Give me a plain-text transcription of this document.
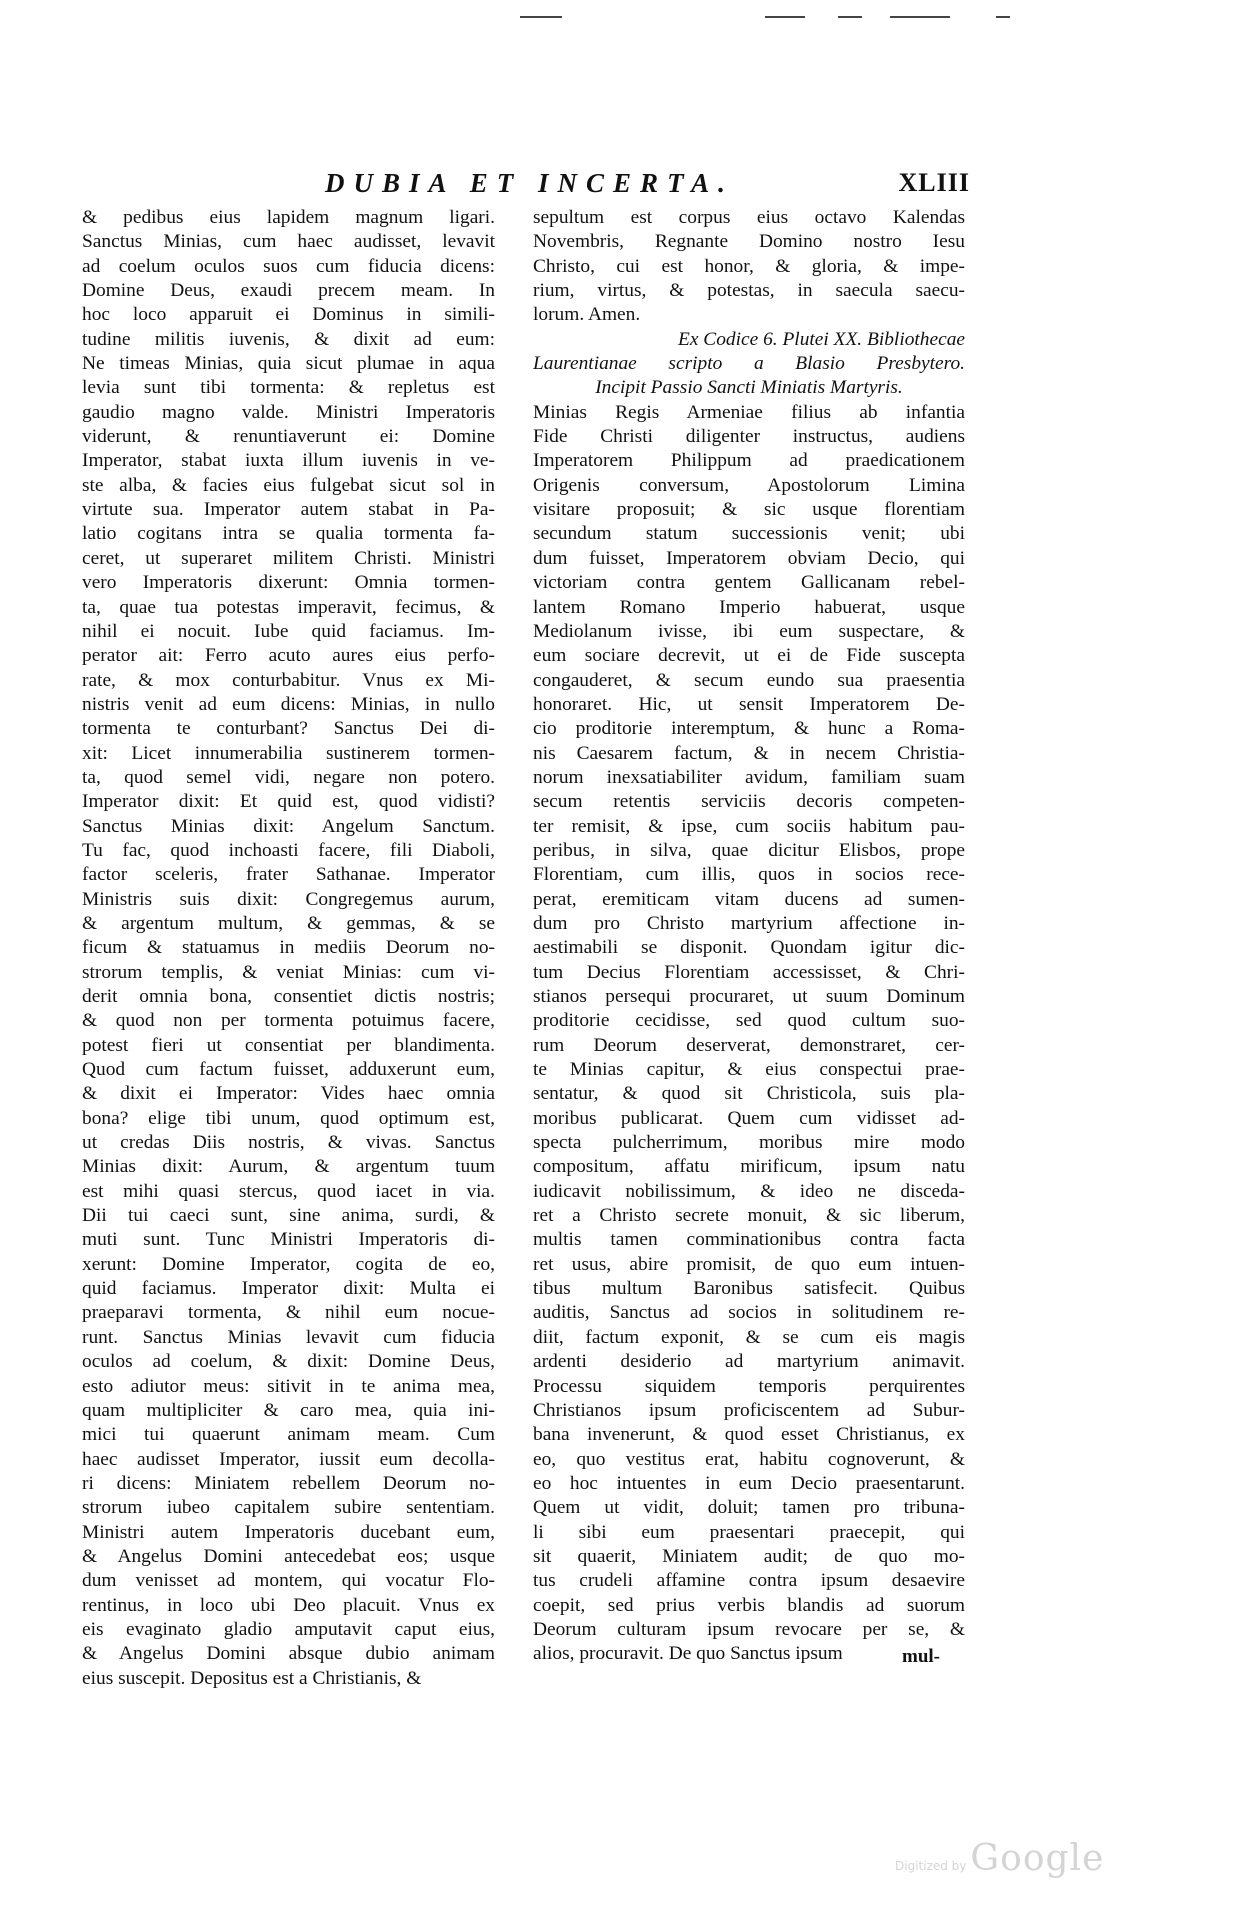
DUBIA ET INCERTA.	XLIII
& pedibus eius lapidem magnum ligari.
Sanctus Minias, cum haec audisset, levavit
ad coelum oculos suos cum fiducia dicens:
Domine Deus, exaudi precem meam. In
hoc loco apparuit ei Dominus in simili-
tudine militis iuvenis, & dixit ad eum:
Ne timeas Minias, quia sicut plumae in aqua
levia sunt tibi tormenta: & repletus est
gaudio magno valde. Ministri Imperatoris
viderunt, & renuntiaverunt ei: Domine
Imperator, stabat iuxta illum iuvenis in ve-
ste alba, & facies eius fulgebat sicut sol in
virtute sua. Imperator autem stabat in Pa-
latio cogitans intra se qualia tormenta fa-
ceret, ut superaret militem Christi. Ministri
vero Imperatoris dixerunt: Omnia tormen-
ta, quae tua potestas imperavit, fecimus, &
nihil ei nocuit. Iube quid faciamus. Im-
perator ait: Ferro acuto aures eius perfo-
rate, & mox conturbabitur. Vnus ex Mi-
nistris venit ad eum dicens: Minias, in nullo
tormenta te conturbant? Sanctus Dei di-
xit: Licet innumerabilia sustinerem tormen-
ta, quod semel vidi, negare non potero.
Imperator dixit: Et quid est, quod vidisti?
Sanctus Minias dixit: Angelum Sanctum.
Tu fac, quod inchoasti facere, fili Diaboli,
factor sceleris, frater Sathanae. Imperator
Ministris suis dixit: Congregemus aurum,
& argentum multum, & gemmas, & se
ficum & statuamus in mediis Deorum no-
strorum templis, & veniat Minias: cum vi-
derit omnia bona, consentiet dictis nostris;
& quod non per tormenta potuimus facere,
potest fieri ut consentiat per blandimenta.
Quod cum factum fuisset, adduxerunt eum,
& dixit ei Imperator: Vides haec omnia
bona? elige tibi unum, quod optimum est,
ut credas Diis nostris, & vivas. Sanctus
Minias dixit: Aurum, & argentum tuum
est mihi quasi stercus, quod iacet in via.
Dii tui caeci sunt, sine anima, surdi, &
muti sunt. Tunc Ministri Imperatoris di-
xerunt: Domine Imperator, cogita de eo,
quid faciamus. Imperator dixit: Multa ei
praeparavi tormenta, & nihil eum nocue-
runt. Sanctus Minias levavit cum fiducia
oculos ad coelum, & dixit: Domine Deus,
esto adiutor meus: sitivit in te anima mea,
quam multipliciter & caro mea, quia ini-
mici tui quaerunt animam meam. Cum
haec audisset Imperator, iussit eum decolla-
ri dicens: Miniatem rebellem Deorum no-
strorum iubeo capitalem subire sententiam.
Ministri autem Imperatoris ducebant eum,
& Angelus Domini antecedebat eos; usque
dum venisset ad montem, qui vocatur Flo-
rentinus, in loco ubi Deo placuit. Vnus ex
eis evaginato gladio amputavit caput eius,
& Angelus Domini absque dubio animam
eius suscepit. Depositus est a Christianis, &
sepultum est corpus eius octavo Kalendas
Novembris, Regnante Domino nostro Iesu
Christo, cui est honor, & gloria, & impe-
rium, virtus, & potestas, in saecula saecu-
lorum. Amen.
Ex Codice 6. Plutei XX. Bibliothecae
Laurentianae scripto a Blasio Presbytero.
Incipit Passio Sancti Miniatis Martyris.
Minias Regis Armeniae filius ab infantia
Fide Christi diligenter instructus, audiens
Imperatorem Philippum ad praedicationem
Origenis conversum, Apostolorum Limina
visitare proposuit; & sic usque florentiam
secundum statum successionis venit; ubi
dum fuisset, Imperatorem obviam Decio, qui
victoriam contra gentem Gallicanam rebel-
lantem Romano Imperio habuerat, usque
Mediolanum ivisse, ibi eum suspectare, &
eum sociare decrevit, ut ei de Fide suscepta
congauderet, & secum eundo sua praesentia
honoraret. Hic, ut sensit Imperatorem De-
cio proditorie interemptum, & hunc a Roma-
nis Caesarem factum, & in necem Christia-
norum inexsatiabiliter avidum, familiam suam
secum retentis serviciis decoris competen-
ter remisit, & ipse, cum sociis habitum pau-
peribus, in silva, quae dicitur Elisbos, prope
Florentiam, cum illis, quos in socios rece-
perat, eremiticam vitam ducens ad sumen-
dum pro Christo martyrium affectione in-
aestimabili se disponit. Quondam igitur dic-
tum Decius Florentiam accessisset, & Chri-
stianos persequi procuraret, ut suum Dominum
proditorie cecidisse, sed quod cultum suo-
rum Deorum deserverat, demonstraret, cer-
te Minias capitur, & eius conspectui prae-
sentatur, & quod sit Christicola, suis pla-
moribus publicarat. Quem cum vidisset ad-
specta pulcherrimum, moribus mire modo
compositum, affatu mirificum, ipsum natu
iudicavit nobilissimum, & ideo ne disceda-
ret a Christo secrete monuit, & sic liberum,
multis tamen comminationibus contra facta
ret usus, abire promisit, de quo eum intuen-
tibus multum Baronibus satisfecit. Quibus
auditis, Sanctus ad socios in solitudinem re-
diit, factum exponit, & se cum eis magis
ardenti desiderio ad martyrium animavit.
Processu siquidem temporis perquirentes
Christianos ipsum proficiscentem ad Subur-
bana invenerunt, & quod esset Christianus, ex
eo, quo vestitus erat, habitu cognoverunt, &
eo hoc intuentes in eum Decio praesentarunt.
Quem ut vidit, doluit; tamen pro tribuna-
li sibi eum praesentari praecepit, qui
sit quaerit, Miniatem audit; de quo mo-
tus crudeli affamine contra ipsum desaevire
coepit, sed prius verbis blandis ad suorum
Deorum culturam ipsum revocare per se, &
alios, procuravit. De quo Sanctus ipsum	mul-
Digitized by Google
